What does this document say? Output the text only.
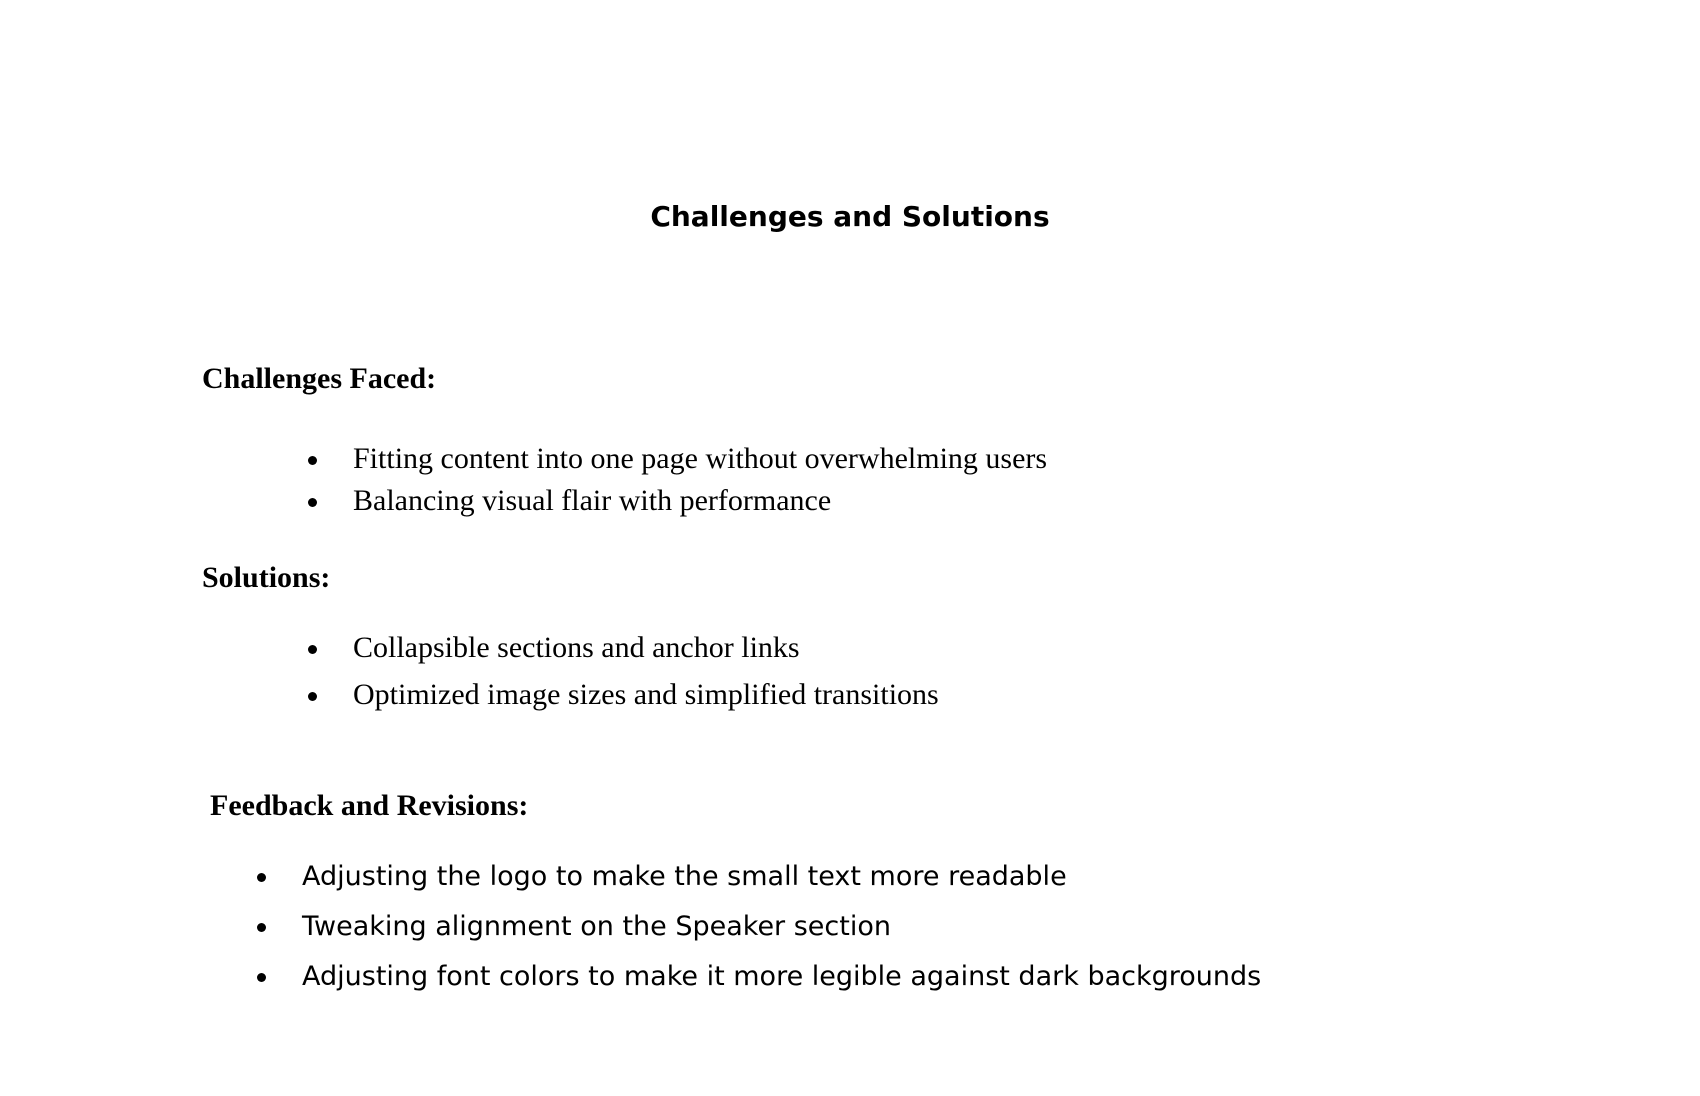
Challenges and Solutions
Challenges Faced:
Fitting content into one page without overwhelming users
Balancing visual flair with performance
Solutions:
Collapsible sections and anchor links
Optimized image sizes and simplified transitions
Feedback and Revisions:
Adjusting the logo to make the small text more readable
Tweaking alignment on the Speaker section
Adjusting font colors to make it more legible against dark backgrounds
